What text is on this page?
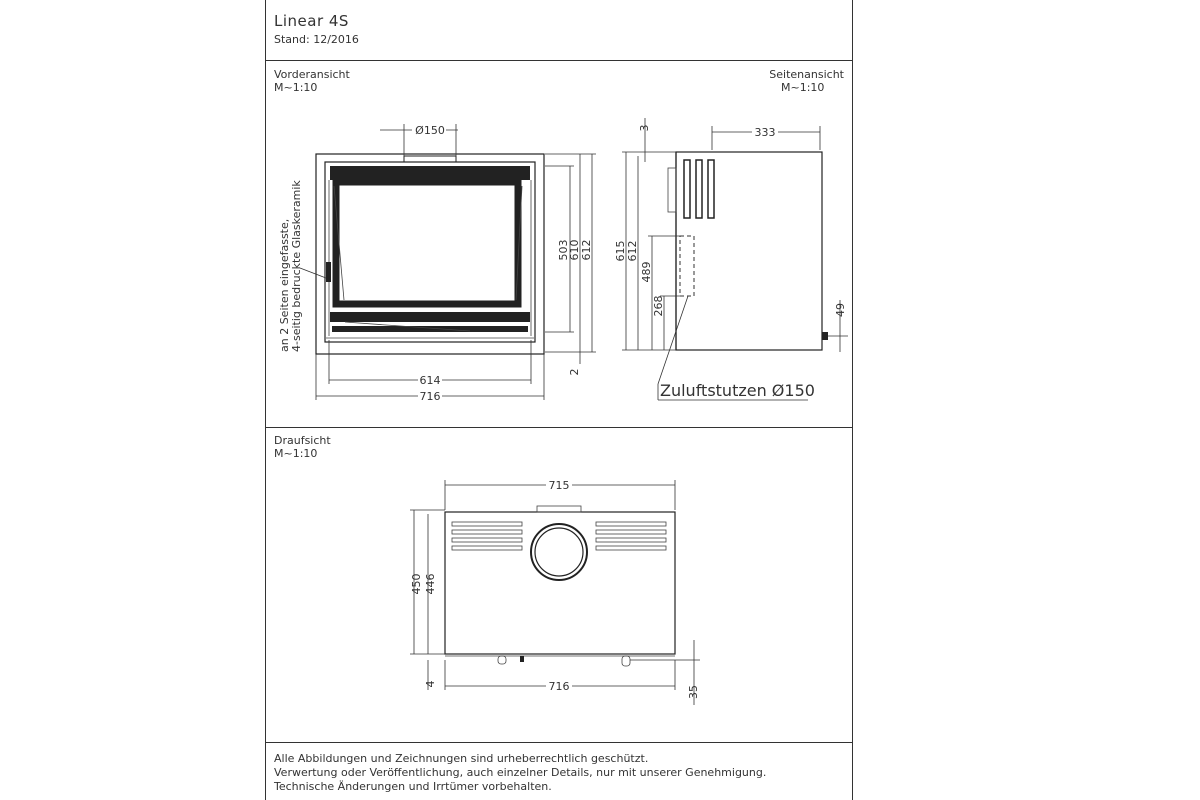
Linear 4S
Stand: 12/2016
Vorderansicht
M~1:10
Seitenansicht
M~1:10
Draufsicht
M~1:10
Alle Abbildungen und Zeichnungen sind urheberrechtlich geschützt.
Verwertung oder Veröffentlichung, auch einzelner Details, nur mit unserer Genehmigung.
Technische Änderungen und Irrtümer vorbehalten.
Ø150
614
716
503
610 612
2
an 2 Seiten eingefasste, 4-seitig bedruckte Glaskeramik
333
3
615 612
489
268	49
Zuluftstutzen Ø150
715
450 446
4	716	35
